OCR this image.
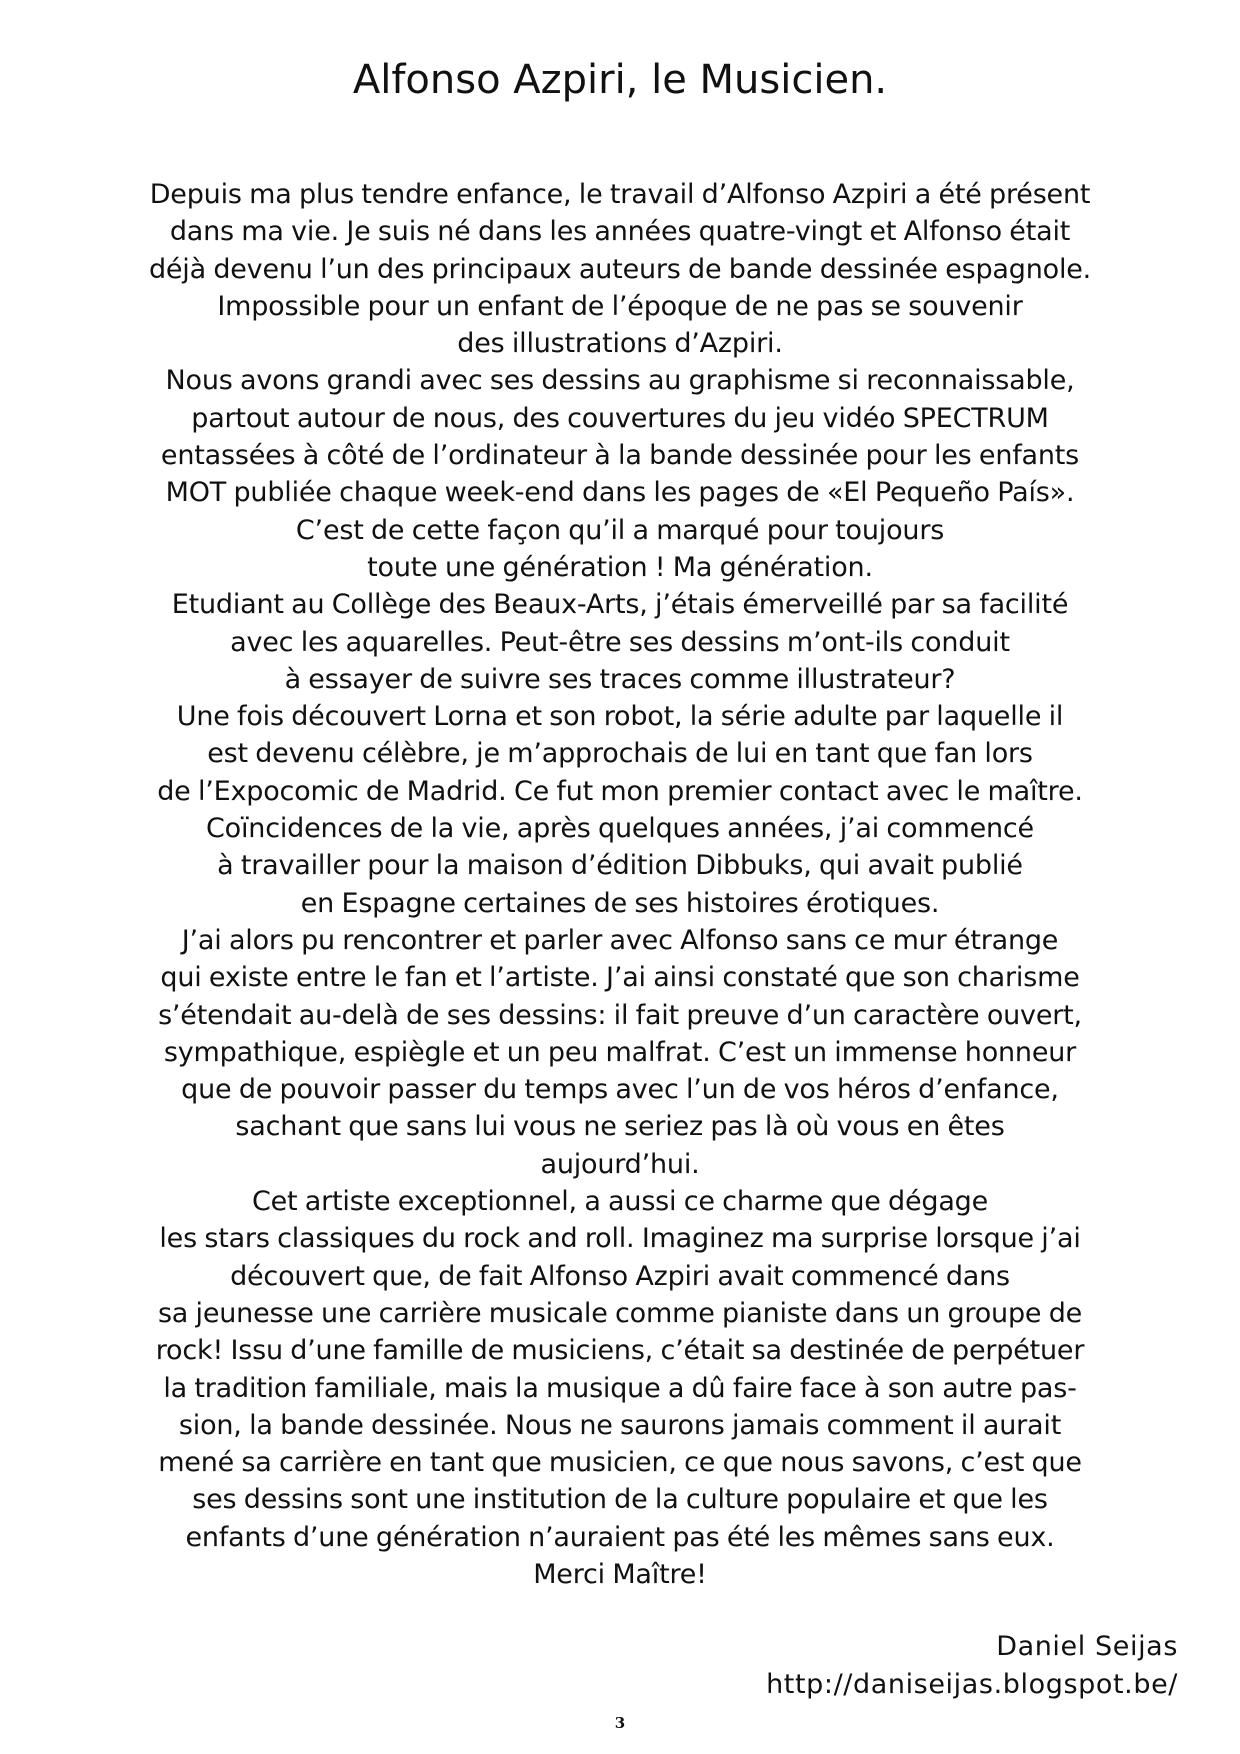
Alfonso Azpiri, le Musicien.
Depuis ma plus tendre enfance, le travail d’Alfonso Azpiri a été présent
dans ma vie. Je suis né dans les années quatre-vingt et Alfonso était
déjà devenu l’un des principaux auteurs de bande dessinée espagnole.
Impossible pour un enfant de l’époque de ne pas se souvenir
des illustrations d’Azpiri.
Nous avons grandi avec ses dessins au graphisme si reconnaissable,
partout autour de nous, des couvertures du jeu vidéo SPECTRUM
entassées à côté de l’ordinateur à la bande dessinée pour les enfants
MOT publiée chaque week-end dans les pages de «El Pequeño País».
C’est de cette façon qu’il a marqué pour toujours
toute une génération ! Ma génération.
Etudiant au Collège des Beaux-Arts, j’étais émerveillé par sa facilité
avec les aquarelles. Peut-être ses dessins m’ont-ils conduit
à essayer de suivre ses traces comme illustrateur?
Une fois découvert Lorna et son robot, la série adulte par laquelle il
est devenu célèbre, je m’approchais de lui en tant que fan lors
de l’Expocomic de Madrid. Ce fut mon premier contact avec le maître.
Coïncidences de la vie, après quelques années, j’ai commencé
à travailler pour la maison d’édition Dibbuks, qui avait publié
en Espagne certaines de ses histoires érotiques.
J’ai alors pu rencontrer et parler avec Alfonso sans ce mur étrange
qui existe entre le fan et l’artiste. J’ai ainsi constaté que son charisme
s’étendait au-delà de ses dessins: il fait preuve d’un caractère ouvert,
sympathique, espiègle et un peu malfrat. C’est un immense honneur
que de pouvoir passer du temps avec l’un de vos héros d’enfance,
sachant que sans lui vous ne seriez pas là où vous en êtes
aujourd’hui.
Cet artiste exceptionnel, a aussi ce charme que dégage
les stars classiques du rock and roll. Imaginez ma surprise lorsque j’ai
découvert que, de fait Alfonso Azpiri avait commencé dans
sa jeunesse une carrière musicale comme pianiste dans un groupe de
rock! Issu d’une famille de musiciens, c’était sa destinée de perpétuer
la tradition familiale, mais la musique a dû faire face à son autre pas-
sion, la bande dessinée. Nous ne saurons jamais comment il aurait
mené sa carrière en tant que musicien, ce que nous savons, c’est que
ses dessins sont une institution de la culture populaire et que les
enfants d’une génération n’auraient pas été les mêmes sans eux.
Merci Maître!
Daniel Seijas
http://daniseijas.blogspot.be/
3
